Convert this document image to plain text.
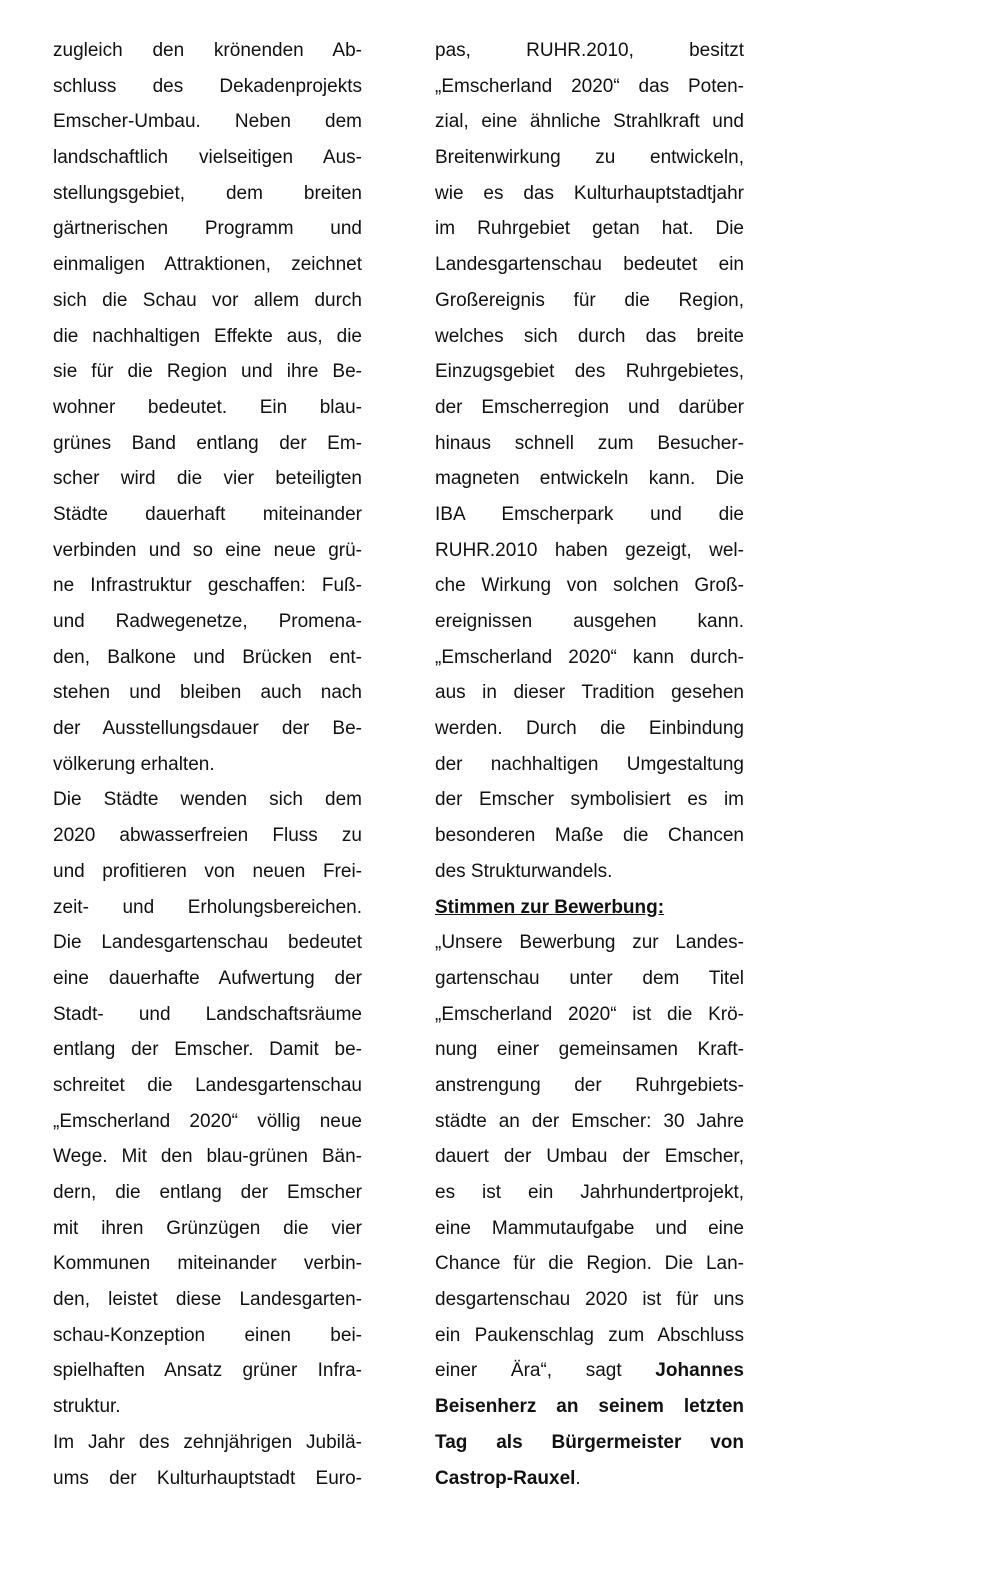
zugleich den krönenden Ab-
schluss des Dekadenprojekts
Emscher-Umbau. Neben dem
landschaftlich vielseitigen Aus-
stellungsgebiet, dem breiten
gärtnerischen Programm und
einmaligen Attraktionen, zeichnet
sich die Schau vor allem durch
die nachhaltigen Effekte aus, die
sie für die Region und ihre Be-
wohner bedeutet. Ein blau-
grünes Band entlang der Em-
scher wird die vier beteiligten
Städte dauerhaft miteinander
verbinden und so eine neue grü-
ne Infrastruktur geschaffen: Fuß-
und Radwegenetze, Promena-
den, Balkone und Brücken ent-
stehen und bleiben auch nach
der Ausstellungsdauer der Be-
völkerung erhalten.
Die Städte wenden sich dem
2020 abwasserfreien Fluss zu
und profitieren von neuen Frei-
zeit- und Erholungsbereichen.
Die Landesgartenschau bedeutet
eine dauerhafte Aufwertung der
Stadt- und Landschaftsräume
entlang der Emscher. Damit be-
schreitet die Landesgartenschau
„Emscherland 2020“ völlig neue
Wege. Mit den blau-grünen Bän-
dern, die entlang der Emscher
mit ihren Grünzügen die vier
Kommunen miteinander verbin-
den, leistet diese Landesgarten-
schau-Konzeption einen bei-
spielhaften Ansatz grüner Infra-
struktur.
Im Jahr des zehnjährigen Jubilä-
ums der Kulturhauptstadt Euro-
pas, RUHR.2010, besitzt
„Emscherland 2020“ das Poten-
zial, eine ähnliche Strahlkraft und
Breitenwirkung zu entwickeln,
wie es das Kulturhauptstadtjahr
im Ruhrgebiet getan hat. Die
Landesgartenschau bedeutet ein
Großereignis für die Region,
welches sich durch das breite
Einzugsgebiet des Ruhrgebietes,
der Emscherregion und darüber
hinaus schnell zum Besucher-
magneten entwickeln kann. Die
IBA Emscherpark und die
RUHR.2010 haben gezeigt, wel-
che Wirkung von solchen Groß-
ereignissen ausgehen kann.
„Emscherland 2020“ kann durch-
aus in dieser Tradition gesehen
werden. Durch die Einbindung
der nachhaltigen Umgestaltung
der Emscher symbolisiert es im
besonderen Maße die Chancen
des Strukturwandels.
Stimmen zur Bewerbung:
„Unsere Bewerbung zur Landes-
gartenschau unter dem Titel
„Emscherland 2020“ ist die Krö-
nung einer gemeinsamen Kraft-
anstrengung der Ruhrgebiets-
städte an der Emscher: 30 Jahre
dauert der Umbau der Emscher,
es ist ein Jahrhundertprojekt,
eine Mammutaufgabe und eine
Chance für die Region. Die Lan-
desgartenschau 2020 ist für uns
ein Paukenschlag zum Abschluss
einer Ära“, sagt Johannes
Beisenherz an seinem letzten
Tag als Bürgermeister von
Castrop-Rauxel.
